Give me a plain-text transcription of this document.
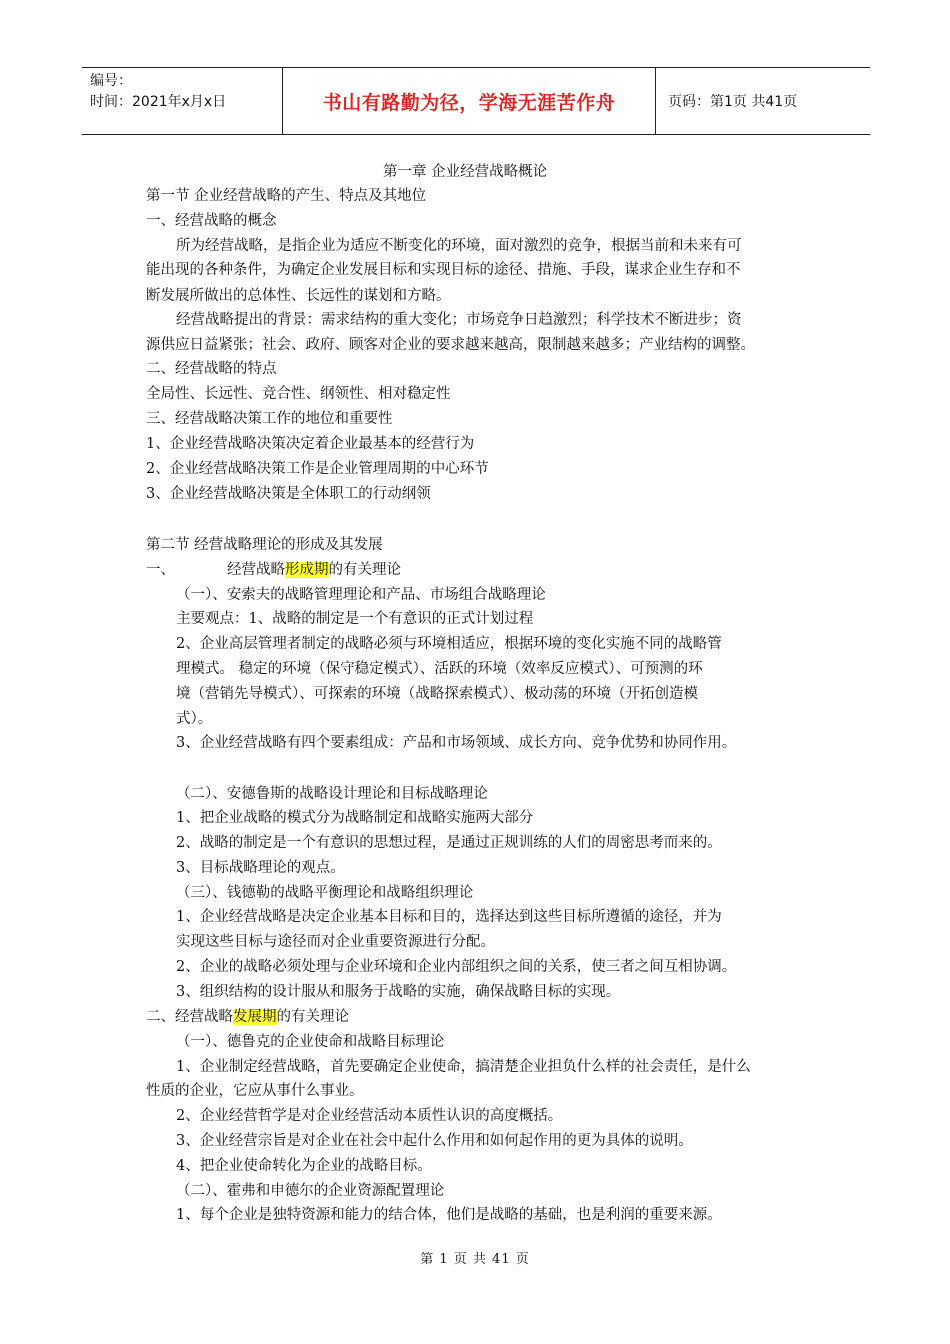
编号：
时间：2021年x月x日	书山有路勤为径，学海无涯苦作舟	页码：第1页 共41页
第一章 企业经营战略概论
第一节 企业经营战略的产生、特点及其地位
一、经营战略的概念
所为经营战略，是指企业为适应不断变化的环境，面对激烈的竞争，根据当前和未来有可
能出现的各种条件，为确定企业发展目标和实现目标的途径、措施、手段，谋求企业生存和不
断发展所做出的总体性、长远性的谋划和方略。
经营战略提出的背景：需求结构的重大变化；市场竞争日趋激烈；科学技术不断进步；资
源供应日益紧张；社会、政府、顾客对企业的要求越来越高，限制越来越多；产业结构的调整。
二、经营战略的特点
全局性、长远性、竞合性、纲领性、相对稳定性
三、经营战略决策工作的地位和重要性
1、企业经营战略决策决定着企业最基本的经营行为
2、企业经营战略决策工作是企业管理周期的中心环节
3、企业经营战略决策是全体职工的行动纲领
第二节 经营战略理论的形成及其发展
一、	经营战略形成期的有关理论
（一）、安索夫的战略管理理论和产品、市场组合战略理论
主要观点：1、战略的制定是一个有意识的正式计划过程
2、企业高层管理者制定的战略必须与环境相适应，根据环境的变化实施不同的战略管
理模式。 稳定的环境（保守稳定模式）、活跃的环境（效率反应模式）、可预测的环
境（营销先导模式）、可探索的环境（战略探索模式）、极动荡的环境（开拓创造模
式）。
3、企业经营战略有四个要素组成：产品和市场领域、成长方向、竞争优势和协同作用。
（二）、安德鲁斯的战略设计理论和目标战略理论
1、把企业战略的模式分为战略制定和战略实施两大部分
2、战略的制定是一个有意识的思想过程，是通过正规训练的人们的周密思考而来的。
3、目标战略理论的观点。
（三）、钱德勒的战略平衡理论和战略组织理论
1、企业经营战略是决定企业基本目标和目的，选择达到这些目标所遵循的途径，并为
实现这些目标与途径而对企业重要资源进行分配。
2、企业的战略必须处理与企业环境和企业内部组织之间的关系，使三者之间互相协调。
3、组织结构的设计服从和服务于战略的实施，确保战略目标的实现。
二、经营战略发展期的有关理论
（一）、德鲁克的企业使命和战略目标理论
1、企业制定经营战略，首先要确定企业使命，搞清楚企业担负什么样的社会责任，是什么
性质的企业，它应从事什么事业。
2、企业经营哲学是对企业经营活动本质性认识的高度概括。
3、企业经营宗旨是对企业在社会中起什么作用和如何起作用的更为具体的说明。
4、把企业使命转化为企业的战略目标。
（二）、霍弗和申德尔的企业资源配置理论
1、每个企业是独特资源和能力的结合体，他们是战略的基础，也是利润的重要来源。
第 1 页 共 41 页
